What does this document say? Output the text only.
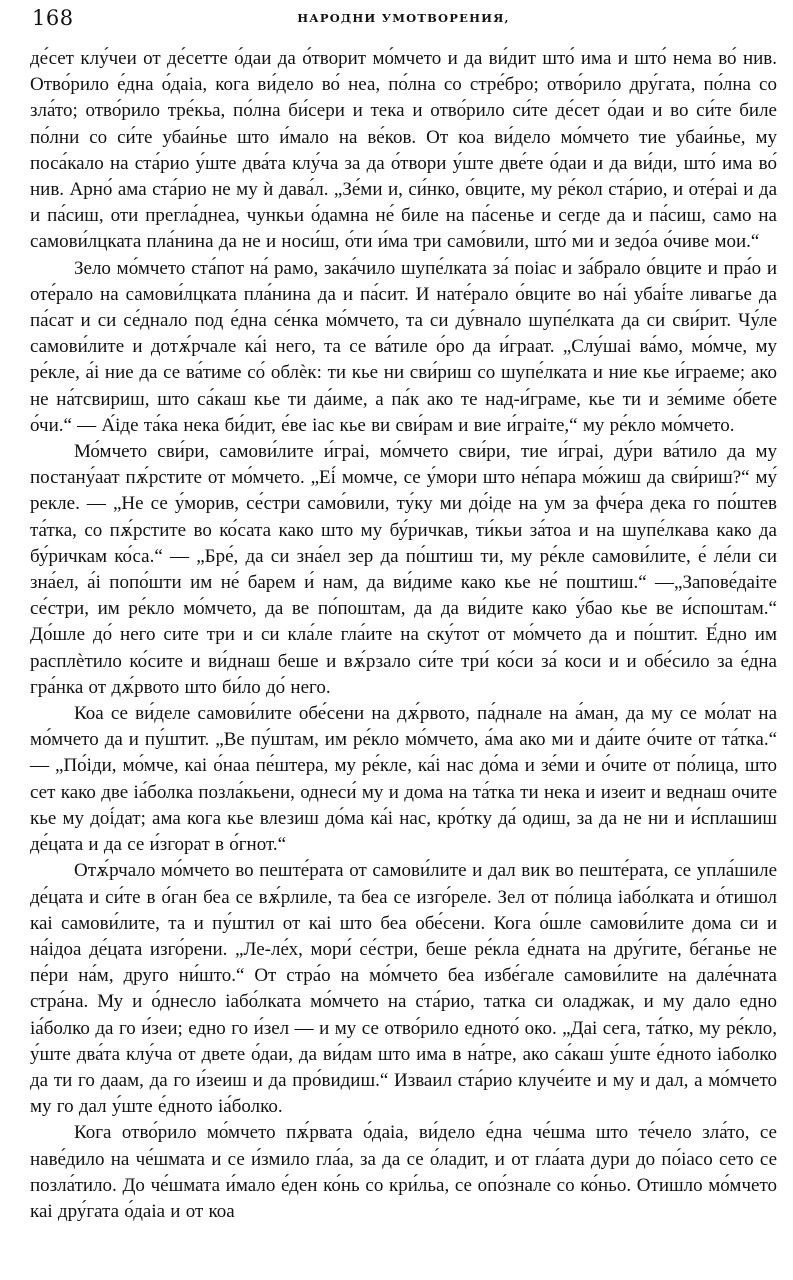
168	НАРОДНИ УМОТВОРЕНИЯ,

де́сет клу́чеи от де́сетте о́даи да о́творит мо́мчето и да ви́дит што́ има и што́ нема во́ нив. Отво́рило е́дна о́даіа, кога ви́дело во́ неа, по́лна со стре́бро; отво́рило дру́гата, по́лна со зла́то; отво́рило тре́кьа, по́лна би́сери и тека и отво́рило си́те де́сет о́даи и во си́те биле по́лни со си́те убаи́нье што и́мало на ве́ков. От коа ви́дело мо́мчето тие убаи́нье, му поса́кало на ста́рио у́ште два́та клу́ча за да о́твори у́ште две́те о́даи и да ви́ди, што́ има во́ нив. Арно́ ама ста́рио не му ѝ дава́л. „Зе́ми и, си́нко, о́вците, му ре́кол ста́рио, и оте́раі и да и па́сиш, оти прегла́днеа, чункьи о́дамна не́ биле на па́сенье и сегде да и па́сиш, само на самови́лцката пла́нина да не и носи́ш, о́ти и́ма три само́вили, што́ ми и зедо́а о́чиве мои.“

Зело мо́мчето ста́пот на́ рамо, зака́чило шупе́лката за́ поіас и за́брало о́вците и пра́о и оте́рало на самови́лцката пла́нина да и па́сит. И нате́рало о́вците во на́і убаі́те ливагье да па́сат и си се́днало под е́дна се́нка мо́мчето, та си ду́внало шупе́лката да си сви́рит. Чу́ле самови́лите и дотѫ́рчале ка́і него, та се ва́тиле о́ро да и́граат. „Слу́шаі ва́мо, мо́мче, му ре́кле, а́і ние да се ва́тиме со́ облѐк: ти кье ни сви́риш со шупе́лката и ние кье и́граеме; ако не на́тсвириш, што са́каш кье ти да́име, а па́к ако те над-и́грaме, кье ти и зе́миме о́бете о́чи.“ — А́іде та́ка нека би́дит, е́ве іас кье ви сви́рам и вие и́граіте,“ му ре́кло мо́мчето.

Мо́мчето сви́ри, самови́лите и́граі, мо́мчето сви́ри, тие и́граі, ду́ри ва́тило да му постану́аат пѫ́рстите от мо́мчето. „Еі́ момче, се у́мори што не́пара мо́жиш да сви́риш?“ му́ рекле. — „Не се у́морив, се́стри само́вили, ту́ку ми до́іде на ум за фче́ра дека го по́штев та́тка, со пѫ́рстите во ко́сата како што му бу́ричкав, ти́кьи за́тоа и на шупе́лкава како да бу́ричкам ко́са.“ — „Бре́, да си зна́ел зер да по́штиш ти, му ре́кле самови́лите, е́ ле́ли си зна́ел, а́і попо́шти им не́ барем и́ нам, да ви́диме како кье не́ поштиш.“ —„Запове́даіте се́стри, им ре́кло мо́мчето, да ве по́поштам, да да ви́дите како у́бао кье ве и́спoштам.“ До́шле до́ него сите три и си кла́ле гла́ите на ску́тот от мо́мчето да и по́штит. Е́дно им расплѐтило ко́сите и ви́днаш беше и вѫ́рзало си́те три́ ко́си за́ коси и и обе́сило за е́дна гра́нка от дѫ́рвото што би́ло до́ него.

Коа се ви́деле самови́лите обе́сени на дѫ́рвото, па́днале на а́ман, да му се мо́лат на мо́мчето да и пу́штит. „Ве пу́штам, им ре́кло мо́мчето, а́ма ако ми и да́ите о́чите от та́тка.“ — „По́іди, мо́мче, каі о́наа пе́штера, му ре́кле, ка́і нас до́ма и зе́ми и о́чите от по́лица, што сет како две іа́болка позла́кьени, однеси́ му и дома на та́тка ти нека и изеит и веднаш очите кье му доі́дат; ама кога кье влезиш до́ма ка́і нас, кро́тку да́ одиш, за да не ни и и́сплашиш де́цата и да се и́згорат в о́гнот.“

Отѫ́рчало мо́мчето во пеште́рата от самови́лите и дал вик во пеште́рата, се упла́шиле де́цата и си́те в о́ган беа се вѫ́рлиле, та беа се изго́реле. Зел от по́лица іабо́лката и о́тишол каі самови́лите, та и пу́штил от каі што беа обе́сени. Кога о́шле самови́лите дома си и на́ідоа де́цата изго́рени. „Ле-ле́х, мори́ се́стри, беше ре́кла е́дната на дру́гите, бе́ганье не пе́ри на́м, друго ни́што.“ От стра́о на мо́мчето беа избе́гале самови́лите на дале́чната стра́на. Му и о́днесло іабо́лката мо́мчето на ста́рио, татка си оладжак, и му дало едно іа́болко да го и́зеи; едно го и́зел — и му се отво́рило едното́ око. „Даі сега, та́тко, му ре́кло, у́ште два́та клу́ча от двете о́даи, да ви́дам што има в на́тре, ако са́каш у́ште е́дното іаболко да ти го даам, да го и́зеиш и да про́видиш.“ Изваил ста́рио клуче́ите и му и дал, а мо́мчето му го дал у́ште е́дното іа́болко.

Кога отво́рило мо́мчето пѫ́рвата о́даіа, ви́дело е́дна че́шма што те́чело зла́то, се наве́дило на че́шмата и се и́змило гла́а, за да се о́ладит, и от гла́ата дури до по́іасо сето се позла́тило. До че́шмата и́мало е́ден ко́нь со кри́льа, се опо́знале со ко́ньо. Отишло мо́мчето каі дру́гата о́даіа и от коа
